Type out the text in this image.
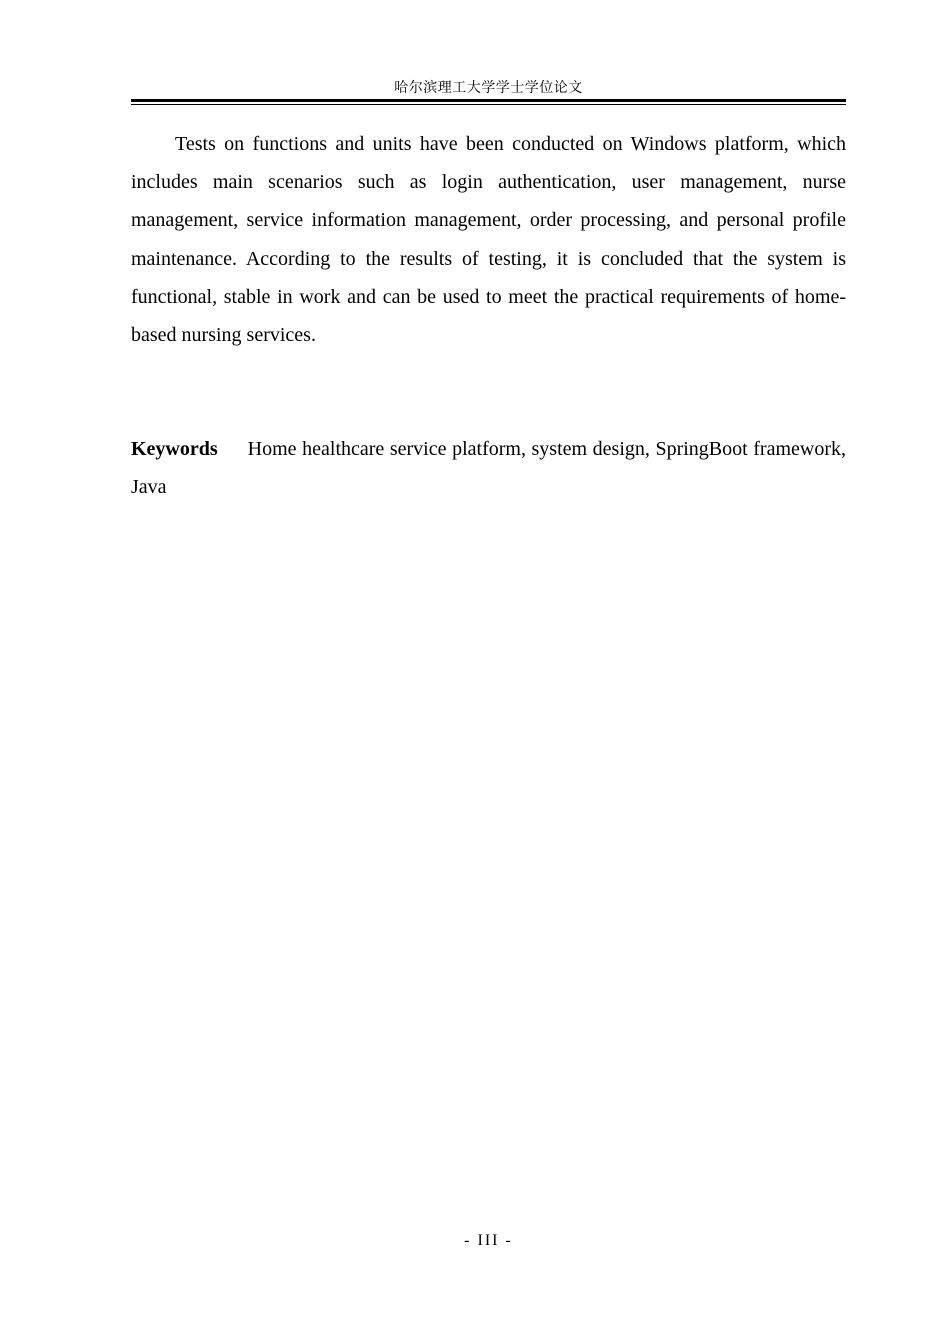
哈尔滨理工大学学士学位论文

Tests on functions and units have been conducted on Windows platform, which includes main scenarios such as login authentication, user management, nurse management, service information management, order processing, and personal profile maintenance. According to the results of testing, it is concluded that the system is functional, stable in work and can be used to meet the practical requirements of home-based nursing services.

Keywords Home healthcare service platform, system design, SpringBoot framework, Java

- III -
